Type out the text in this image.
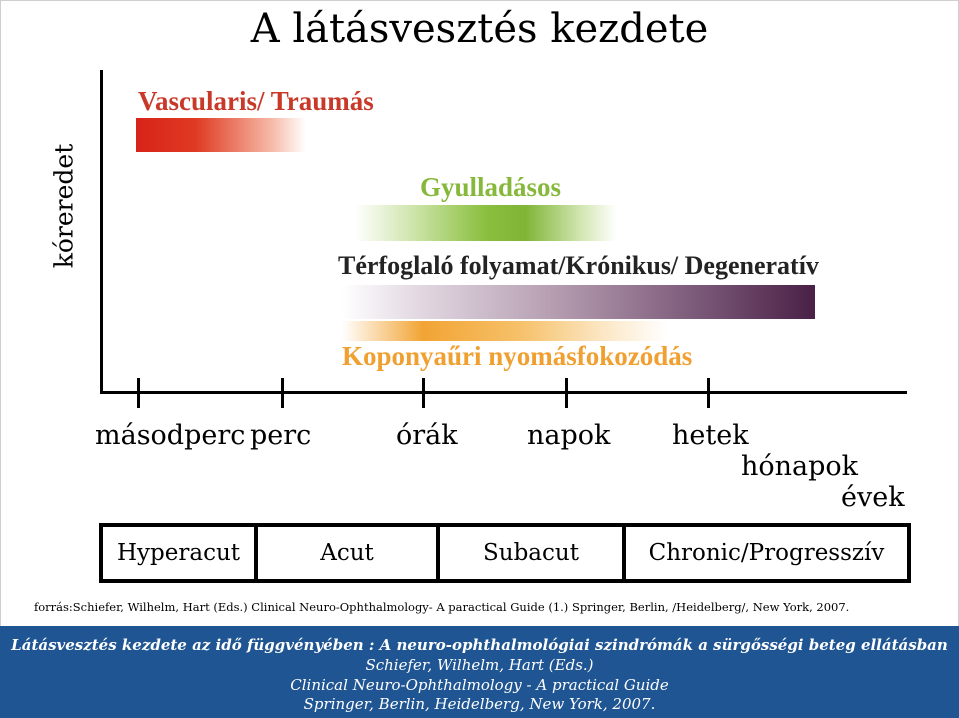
A látásvesztés kezdete
kóreredet
Vascularis/ Traumás
Gyulladásos
Térfoglaló folyamat/Krónikus/ Degeneratív
Koponyaűri nyomásfokozódás
másodperc perc	órák	napok hetek
hónapok
évek
Hyperacut	Acut	Subacut	Chronic/Progresszív
forrás:Schiefer, Wilhelm, Hart (Eds.) Clinical Neuro-Ophthalmology- A paractical Guide (1.) Springer, Berlin, /Heidelberg/, New York, 2007.
Látásvesztés kezdete az idő függvényében : A neuro-ophthalmológiai szindrómák a sürgősségi beteg ellátásban
Schiefer, Wilhelm, Hart (Eds.)
Clinical Neuro-Ophthalmology - A practical Guide
Springer, Berlin, Heidelberg, New York, 2007.
